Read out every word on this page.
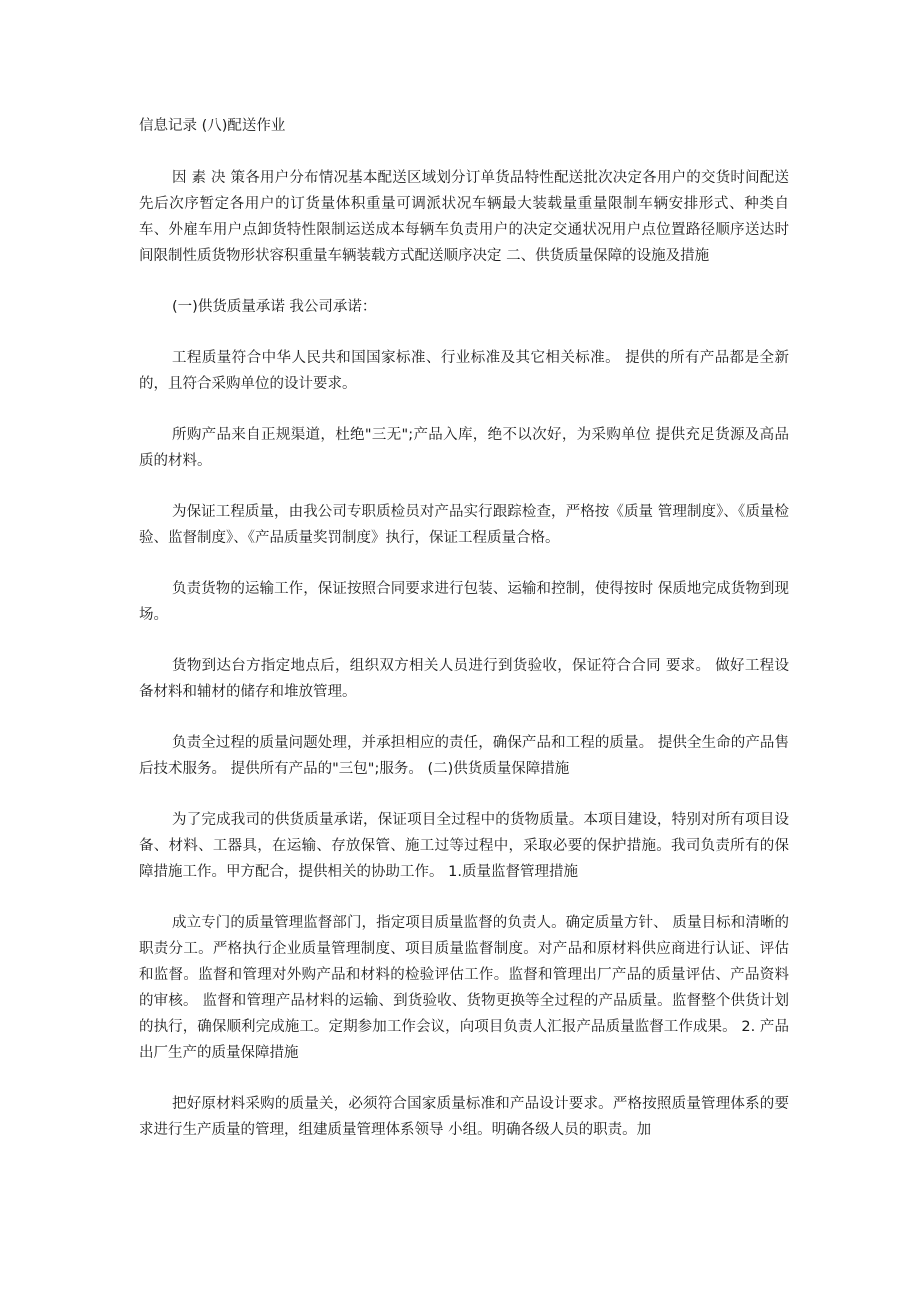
信息记录 (八)配送作业

因 素 决 策各用户分布情况基本配送区域划分订单货品特性配送批次决定各用户的交货时间配送先后次序暂定各用户的订货量体积重量可调派状况车辆最大装载量重量限制车辆安排形式、种类自车、外雇车用户点卸货特性限制运送成本每辆车负责用户的决定交通状况用户点位置路径顺序送达时间限制性质货物形状容积重量车辆装载方式配送顺序决定 二、供货质量保障的设施及措施

(一)供货质量承诺 我公司承诺：

工程质量符合中华人民共和国国家标准、行业标准及其它相关标准。 提供的所有产品都是全新的，且符合采购单位的设计要求。

所购产品来自正规渠道，杜绝"三无";产品入库，绝不以次好，为采购单位 提供充足货源及高品质的材料。

为保证工程质量，由我公司专职质检员对产品实行跟踪检查，严格按《质量 管理制度》、《质量检验、监督制度》、《产品质量奖罚制度》执行，保证工程质量合格。

负责货物的运输工作，保证按照合同要求进行包装、运输和控制，使得按时 保质地完成货物到现场。

货物到达台方指定地点后，组织双方相关人员进行到货验收，保证符合合同 要求。 做好工程设备材料和辅材的储存和堆放管理。

负责全过程的质量问题处理，并承担相应的责任，确保产品和工程的质量。 提供全生命的产品售后技术服务。 提供所有产品的"三包";服务。 (二)供货质量保障措施

为了完成我司的供货质量承诺，保证项目全过程中的货物质量。本项目建设，特别对所有项目设备、材料、工器具，在运输、存放保管、施工过等过程中，采取必要的保护措施。我司负责所有的保障措施工作。甲方配合，提供相关的协助工作。 1.质量监督管理措施

成立专门的质量管理监督部门，指定项目质量监督的负责人。确定质量方针、 质量目标和清晰的职责分工。严格执行企业质量管理制度、项目质量监督制度。对产品和原材料供应商进行认证、评估和监督。监督和管理对外购产品和材料的检验评估工作。监督和管理出厂产品的质量评估、产品资料的审核。 监督和管理产品材料的运输、到货验收、货物更换等全过程的产品质量。监督整个供货计划的执行，确保顺利完成施工。定期参加工作会议，向项目负责人汇报产品质量监督工作成果。 2. 产品出厂生产的质量保障措施

把好原材料采购的质量关，必须符合国家质量标准和产品设计要求。严格按照质量管理体系的要求进行生产质量的管理，组建质量管理体系领导 小组。明确各级人员的职责。加
